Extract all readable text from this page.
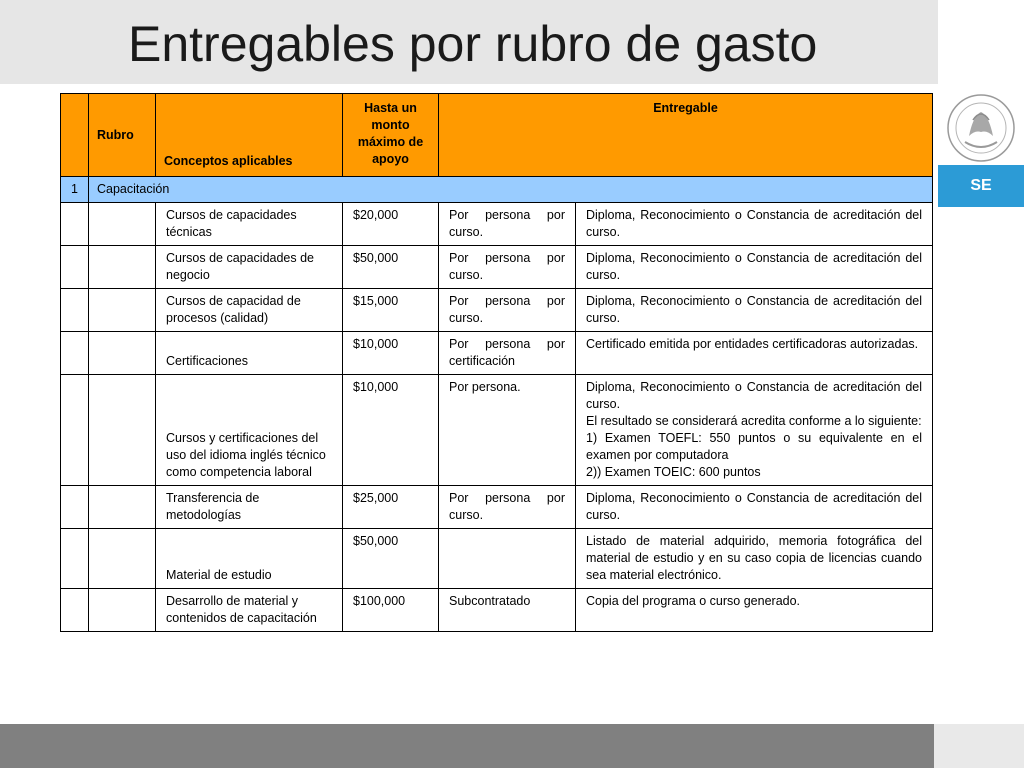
Entregables por rubro de gasto
SE
	Rubro	Conceptos aplicables	Hasta un monto máximo de apoyo	Entregable	
1	Capacitación				
		Cursos de capacidades técnicas	$20,000	Por persona por curso.	Diploma, Reconocimiento o Constancia de acreditación del curso.
		Cursos de capacidades de negocio	$50,000	Por persona por curso.	Diploma, Reconocimiento o Constancia de acreditación del curso.
		Cursos de capacidad de procesos (calidad)	$15,000	Por persona por curso.	Diploma, Reconocimiento o Constancia de acreditación del curso.
		Certificaciones	$10,000	Por persona por certificación	Certificado emitida por entidades certificadoras autorizadas.
		Cursos y certificaciones del uso del idioma inglés técnico como competencia laboral	$10,000	Por persona.	Diploma, Reconocimiento o Constancia de acreditación del curso.
El resultado se considerará acredita conforme a lo siguiente:
1) Examen TOEFL: 550 puntos o su equivalente en el examen por computadora
2)) Examen TOEIC: 600 puntos

		Transferencia de metodologías	$25,000	Por persona por curso.	Diploma, Reconocimiento o Constancia de acreditación del curso.
		Material de estudio	$50,000		Listado de material adquirido, memoria fotográfica del material de estudio y en su caso copia de licencias cuando sea material electrónico.
		Desarrollo de material y contenidos de capacitación	$100,000	Subcontratado	Copia del programa o curso generado.
